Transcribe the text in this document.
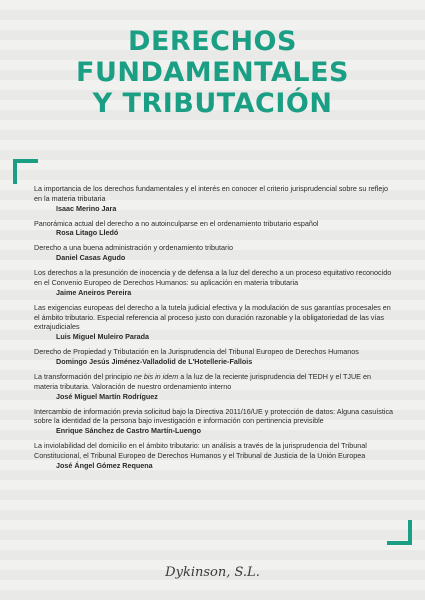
DERECHOS
FUNDAMENTALES
Y TRIBUTACIÓN
La importancia de los derechos fundamentales y el interés en conocer el criterio jurisprudencial sobre su reflejo en la materia tributaria
Isaac Merino Jara
Panorámica actual del derecho a no autoinculparse en el ordenamiento tributario español
Rosa Litago Lledó
Derecho a una buena administración y ordenamiento tributario
Daniel Casas Agudo
Los derechos a la presunción de inocencia y de defensa a la luz del derecho a un proceso equitativo reconocido en el Convenio Europeo de Derechos Humanos: su aplicación en materia tributaria
Jaime Aneiros Pereira
Las exigencias europeas del derecho a la tutela judicial efectiva y la modulación de sus garantías procesales en el ámbito tributario. Especial referencia al proceso justo con duración razonable y la obligatoriedad de las vías extrajudiciales
Luis Miguel Muleiro Parada
Derecho de Propiedad y Tributación en la Jurisprudencia del Tribunal Europeo de Derechos Humanos
Domingo Jesús Jiménez-Valladolid de L'Hotellerie-Fallois
La transformación del principio ne bis in idem a la luz de la reciente jurisprudencia del TEDH y el TJUE en materia tributaria. Valoración de nuestro ordenamiento interno
José Miguel Martín Rodríguez
Intercambio de información previa solicitud bajo la Directiva 2011/16/UE y protección de datos: Alguna casuística sobre la identidad de la persona bajo investigación e información con pertinencia previsible
Enrique Sánchez de Castro Martín-Luengo
La inviolabilidad del domicilio en el ámbito tributario: un análisis a través de la jurisprudencia del Tribunal Constitucional, el Tribunal Europeo de Derechos Humanos y el Tribunal de Justicia de la Unión Europea
José Ángel Gómez Requena
Dykinson, S.L.
